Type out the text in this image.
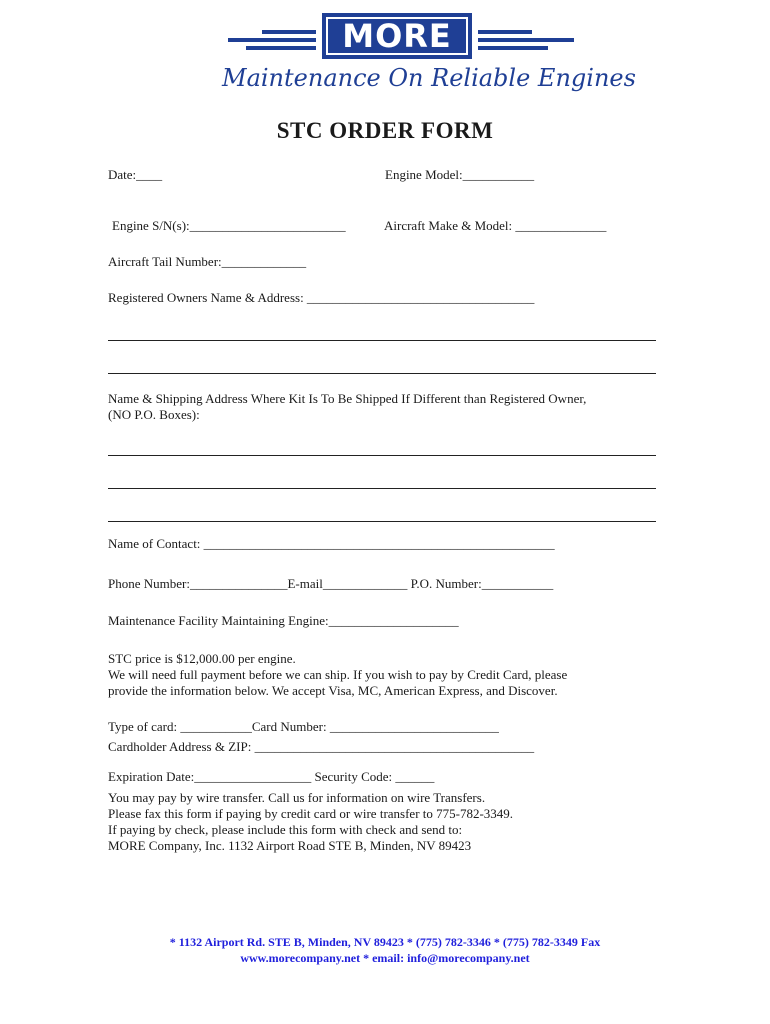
MORE
Maintenance On Reliable Engines
STC ORDER FORM
Date:____	Engine Model:___________
Engine S/N(s):________________________	Aircraft Make & Model: ______________
Aircraft Tail Number:_____________
Registered Owners Name & Address: ___________________________________
Name & Shipping Address Where Kit Is To Be Shipped If Different than Registered Owner,
(NO P.O. Boxes):
Name of Contact: ______________________________________________________
Phone Number:_______________E-mail_____________ P.O. Number:___________
Maintenance Facility Maintaining Engine:____________________
STC price is $12,000.00 per engine.
We will need full payment before we can ship. If you wish to pay by Credit Card, please
provide the information below. We accept Visa, MC, American Express, and Discover.
Type of card: ___________Card Number: __________________________
Cardholder Address & ZIP: ___________________________________________
Expiration Date:__________________ Security Code: ______
You may pay by wire transfer. Call us for information on wire Transfers.
Please fax this form if paying by credit card or wire transfer to 775-782-3349.
If paying by check, please include this form with check and send to:
MORE Company, Inc. 1132 Airport Road STE B, Minden, NV 89423
* 1132 Airport Rd. STE B, Minden, NV 89423 * (775) 782-3346 * (775) 782-3349 Fax
www.morecompany.net * email: info@morecompany.net
